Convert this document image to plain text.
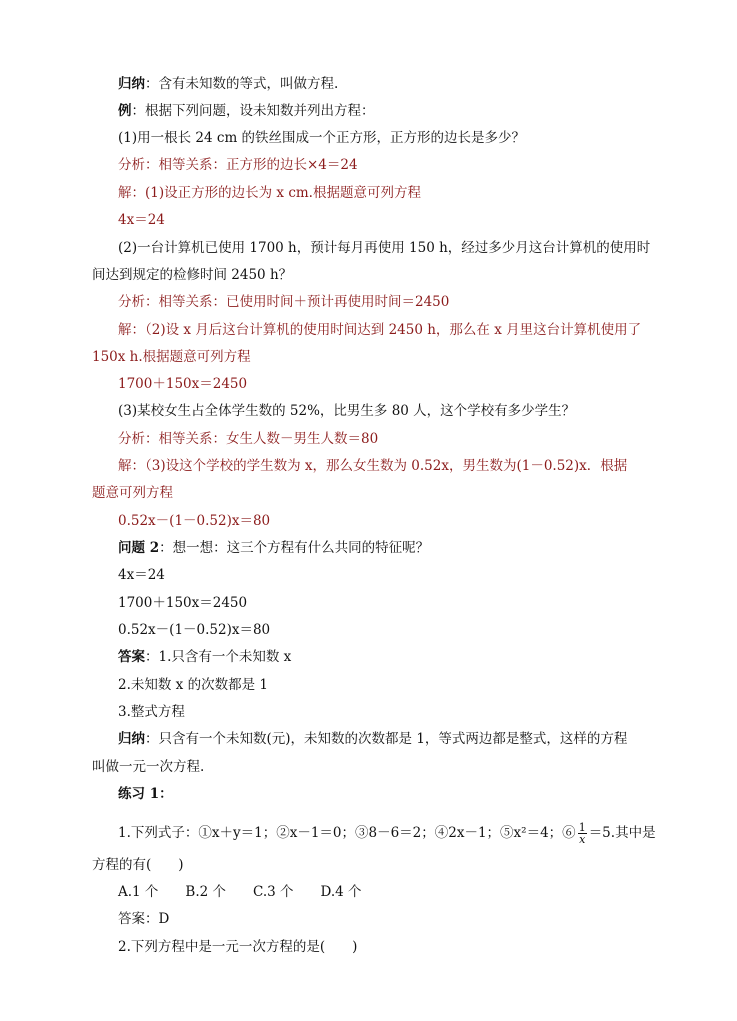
归纳：含有未知数的等式，叫做方程.
例：根据下列问题，设未知数并列出方程：
(1)用一根长 24 cm 的铁丝围成一个正方形，正方形的边长是多少？
分析：相等关系：正方形的边长×4＝24
解：(1)设正方形的边长为 x cm.根据题意可列方程
4x＝24
(2)一台计算机已使用 1700 h，预计每月再使用 150 h，经过多少月这台计算机的使用时
间达到规定的检修时间 2450 h？
分析：相等关系：已使用时间＋预计再使用时间＝2450
解：（2)设 x 月后这台计算机的使用时间达到 2450 h，那么在 x 月里这台计算机使用了
150x h.根据题意可列方程
1700＋150x＝2450
(3)某校女生占全体学生数的 52%，比男生多 80 人，这个学校有多少学生？
分析：相等关系：女生人数－男生人数＝80
解：（3)设这个学校的学生数为 x，那么女生数为 0.52x，男生数为(1－0.52)x．根据
题意可列方程
0.52x－(1－0.52)x＝80
问题 2：想一想：这三个方程有什么共同的特征呢？
4x＝24
1700＋150x＝2450
0.52x－(1－0.52)x＝80
答案：1.只含有一个未知数 x
2.未知数 x 的次数都是 1
3.整式方程
归纳：只含有一个未知数(元)，未知数的次数都是 1，等式两边都是整式，这样的方程
叫做一元一次方程.
练习 1：
1.下列式子：①x＋y＝1；②x－1＝0；③8－6＝2；④2x－1；⑤x²＝4；⑥ $\frac{1}{x} =5$.其中是
方程的有(　　)
A.1 个　　B.2 个　　C.3 个　　D.4 个
答案：D
2.下列方程中是一元一次方程的是(　　)
